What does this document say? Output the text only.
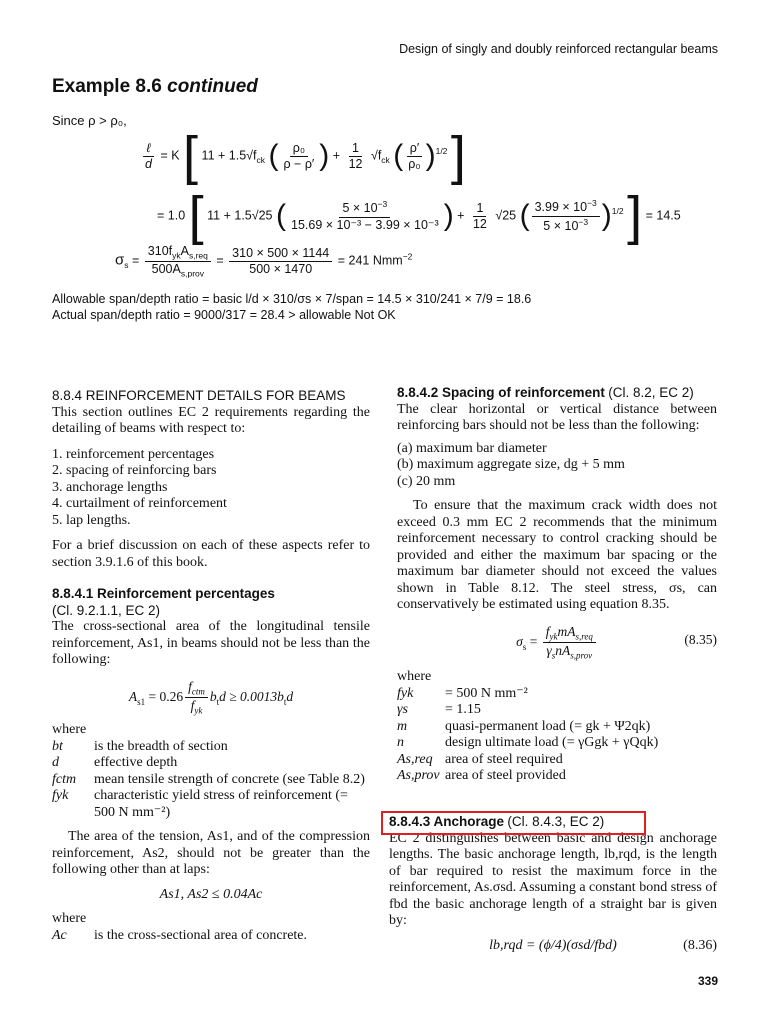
Design of singly and doubly reinforced rectangular beams
Example 8.6 continued
Since ρ > ρ₀,
$\frac{\text{ℓ}}{d} = K$ [ $11 + 1.5√f_{ck}$ ( $\frac{\text{ρ₀}}{\rho - \rho'}$ ) + $\frac{1}{12} √f_{ck}$ ( $\frac{\rho'}{\text{ρ₀}} )^{1/2}$ ]
= 1.0 [ 11 + 1.5√25 ( $\frac{5 \times 10^{-3}}{\text{15.69 × 10⁻³ − 3.99 × 10⁻³}}$ ) + $\frac{1}{12} √25$ ( $\frac{3.99 \times 10^{-3}}{5 \times 10^{-3}} )^{1/2}$ ] = 14.5
$\sigma_s = \frac{310f_{yk}A_{s,req}}{500A_{s,prov}} = \frac{310 \times 500 \times 1144}{500 \times 1470} = 241$ Nmm$^{-2}$
Allowable span/depth ratio = basic l/d × 310/σs × 7/span = 14.5 × 310/241 × 7/9 = 18.6
Actual span/depth ratio = 9000/317 = 28.4 > allowable Not OK
8.8.4 REINFORCEMENT DETAILS FOR BEAMS

This section outlines EC 2 requirements regarding the detailing of beams with respect to:

1. reinforcement percentages
2. spacing of reinforcing bars
3. anchorage lengths
4. curtailment of reinforcement
5. lap lengths.

For a brief discussion on each of these aspects refer to section 3.9.1.6 of this book.

8.8.4.1 Reinforcement percentages
(Cl. 9.2.1.1, EC 2)

The cross-sectional area of the longitudinal tensile reinforcement, As1, in beams should not be less than the following:

$A_{s1} = 0.26 \frac{f_{ctm}}{f_{yk}} b_td \ge 0.0013b_td$
where
bt is the breadth of section
d	effective depth
fctm mean tensile strength of concrete (see Table 8.2)
fyk characteristic yield stress of reinforcement (= 500 N mm⁻²)

The area of the tension, As1, and of the compression reinforcement, As2, should not be greater than the following other than at laps:

As1, As2 ≤ 0.04Ac
where
Ac is the cross-sectional area of concrete.
8.8.4.2 Spacing of reinforcement (Cl. 8.2, EC 2)

The clear horizontal or vertical distance between reinforcing bars should not be less than the following:

(a) maximum bar diameter
(b) maximum aggregate size, dg + 5 mm
(c) 20 mm

To ensure that the maximum crack width does not exceed 0.3 mm EC 2 recommends that the minimum reinforcement necessary to control cracking should be provided and either the maximum bar spacing or the maximum bar diameter should not exceed the values shown in Table 8.12. The steel stress, σs, can conservatively be estimated using equation 8.35.

$\sigma_s = \frac{f_{yk}mA_{s,req}}{\gamma_snA_{s,prov}}$	(8.35)
where
fyk = 500 N mm⁻²
γs	= 1.15
m	quasi-permanent load (= gk + Ψ2qk)
n	design ultimate load (= γGgk + γQqk)
As,req area of steel required
As,prov area of steel provided
8.8.4.3 Anchorage (Cl. 8.4.3, EC 2)

EC 2 distinguishes between basic and design anchorage lengths. The basic anchorage length, lb,rqd, is the length of bar required to resist the maximum force in the reinforcement, As.σsd. Assuming a constant bond stress of fbd the basic anchorage length of a straight bar is given by:

lb,rqd = (ϕ/4)(σsd/fbd)	(8.36)
339
